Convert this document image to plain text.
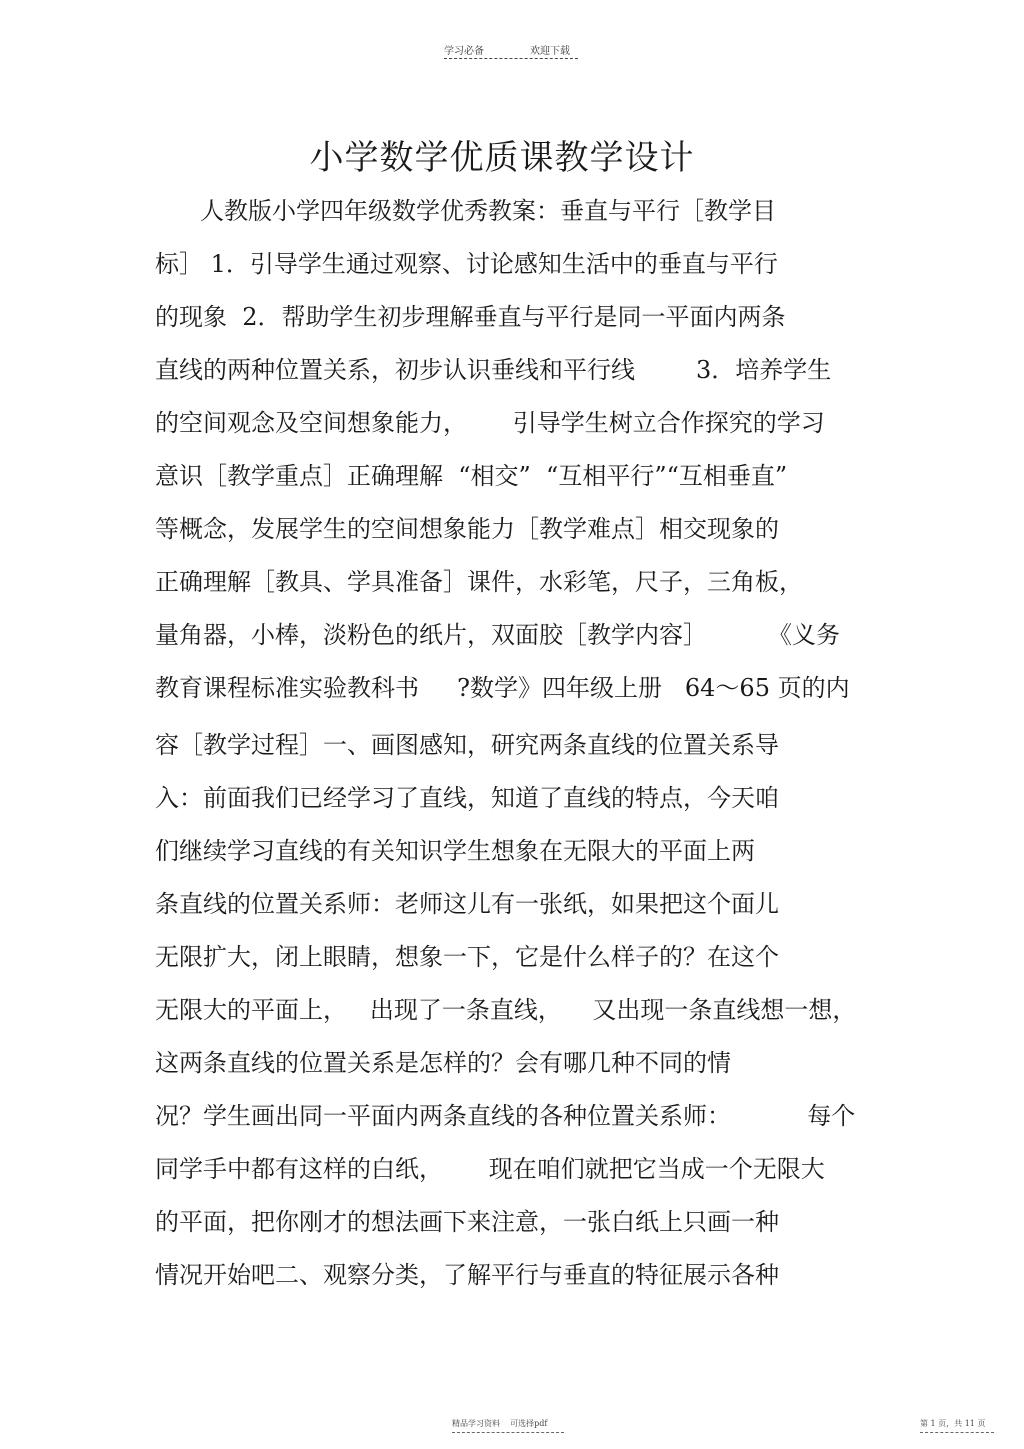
学习必备	欢迎下载
小学数学优质课教学设计
人教版小学四年级数学优秀教案：垂直与平行［教学目
标］ 1．引导学生通过观察、讨论感知生活中的垂直与平行
的现象  2．帮助学生初步理解垂直与平行是同一平面内两条
直线的两种位置关系，初步认识垂线和平行线        3．培养学生
的空间观念及空间想象能力，      引导学生树立合作探究的学习
意识［教学重点］正确理解  “相交”  “互相平行”“互相垂直”
等概念，发展学生的空间想象能力［教学难点］相交现象的
正确理解［教具、学具准备］课件，水彩笔，尺子，三角板，
量角器，小棒，淡粉色的纸片，双面胶［教学内容］        《义务
教育课程标准实验教科书     ?数学》四年级上册   64～65 页的内
容［教学过程］一、画图感知，研究两条直线的位置关系导
入：前面我们已经学习了直线，知道了直线的特点，今天咱
们继续学习直线的有关知识学生想象在无限大的平面上两
条直线的位置关系师：老师这儿有一张纸，如果把这个面儿
无限扩大，闭上眼睛，想象一下，它是什么样子的？在这个
无限大的平面上，   出现了一条直线，    又出现一条直线想一想，
这两条直线的位置关系是怎样的？会有哪几种不同的情
况？学生画出同一平面内两条直线的各种位置关系师：          每个
同学手中都有这样的白纸，      现在咱们就把它当成一个无限大
的平面，把你刚才的想法画下来注意，一张白纸上只画一种
情况开始吧二、观察分类，了解平行与垂直的特征展示各种
精品学习资料    可选择pdf	第 1 页，共 11 页
